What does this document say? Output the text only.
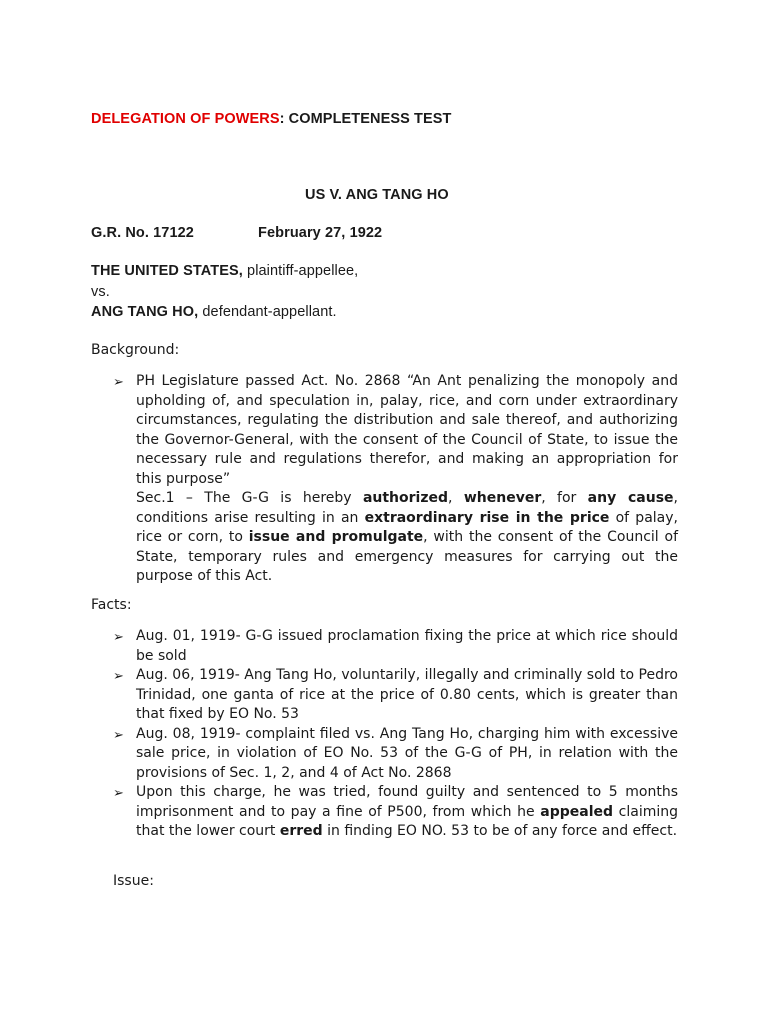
DELEGATION OF POWERS: COMPLETENESS TEST
US V. ANG TANG HO
G.R. No. 17122	February 27, 1922
THE UNITED STATES, plaintiff-appellee,
vs.
ANG TANG HO, defendant-appellant.
Background:
➢ PH Legislature passed Act. No. 2868 “An Ant penalizing the monopoly and upholding of, and speculation in, palay, rice, and corn under extraordinary circumstances, regulating the distribution and sale thereof, and authorizing the Governor-General, with the consent of the Council of State, to issue the necessary rule and regulations therefor, and making an appropriation for this purpose”
Sec.1 – The G-G is hereby authorized, whenever, for any cause, conditions arise resulting in an extraordinary rise in the price of palay, rice or corn, to issue and promulgate, with the consent of the Council of State, temporary rules and emergency measures for carrying out the purpose of this Act.
Facts:
➢ Aug. 01, 1919- G-G issued proclamation fixing the price at which rice should be sold
➢ Aug. 06, 1919- Ang Tang Ho, voluntarily, illegally and criminally sold to Pedro Trinidad, one ganta of rice at the price of 0.80 cents, which is greater than that fixed by EO No. 53
➢ Aug. 08, 1919- complaint filed vs. Ang Tang Ho, charging him with excessive sale price, in violation of EO No. 53 of the G-G of PH, in relation with the provisions of Sec. 1, 2, and 4 of Act No. 2868
➢ Upon this charge, he was tried, found guilty and sentenced to 5 months imprisonment and to pay a fine of P500, from which he appealed claiming that the lower court erred in finding EO NO. 53 to be of any force and effect.
Issue:
